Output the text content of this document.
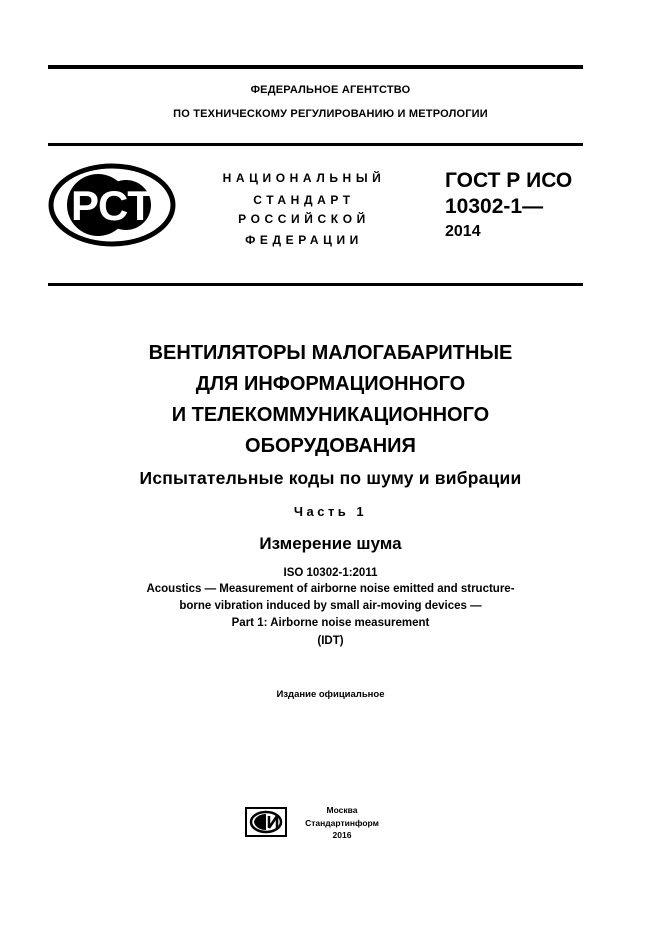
ФЕДЕРАЛЬНОЕ АГЕНТСТВО
ПО ТЕХНИЧЕСКОМУ РЕГУЛИРОВАНИЮ И МЕТРОЛОГИИ
РСТ
НАЦИОНАЛЬНЫЙ
СТАНДАРТ
РОССИЙСКОЙ
ФЕДЕРАЦИИ
ГОСТ Р ИСО
10302-1—
2014
ВЕНТИЛЯТОРЫ МАЛОГАБАРИТНЫЕ
ДЛЯ ИНФОРМАЦИОННОГО
И ТЕЛЕКОММУНИКАЦИОННОГО
ОБОРУДОВАНИЯ
Испытательные коды по шуму и вибрации
Часть 1
Измерение шума
ISO 10302-1:2011
Acoustics — Measurement of airborne noise emitted and structure-
borne vibration induced by small air-moving devices —
Part 1: Airborne noise measurement
(IDT)
Издание официальное
Москва
Стандартинформ
2016
